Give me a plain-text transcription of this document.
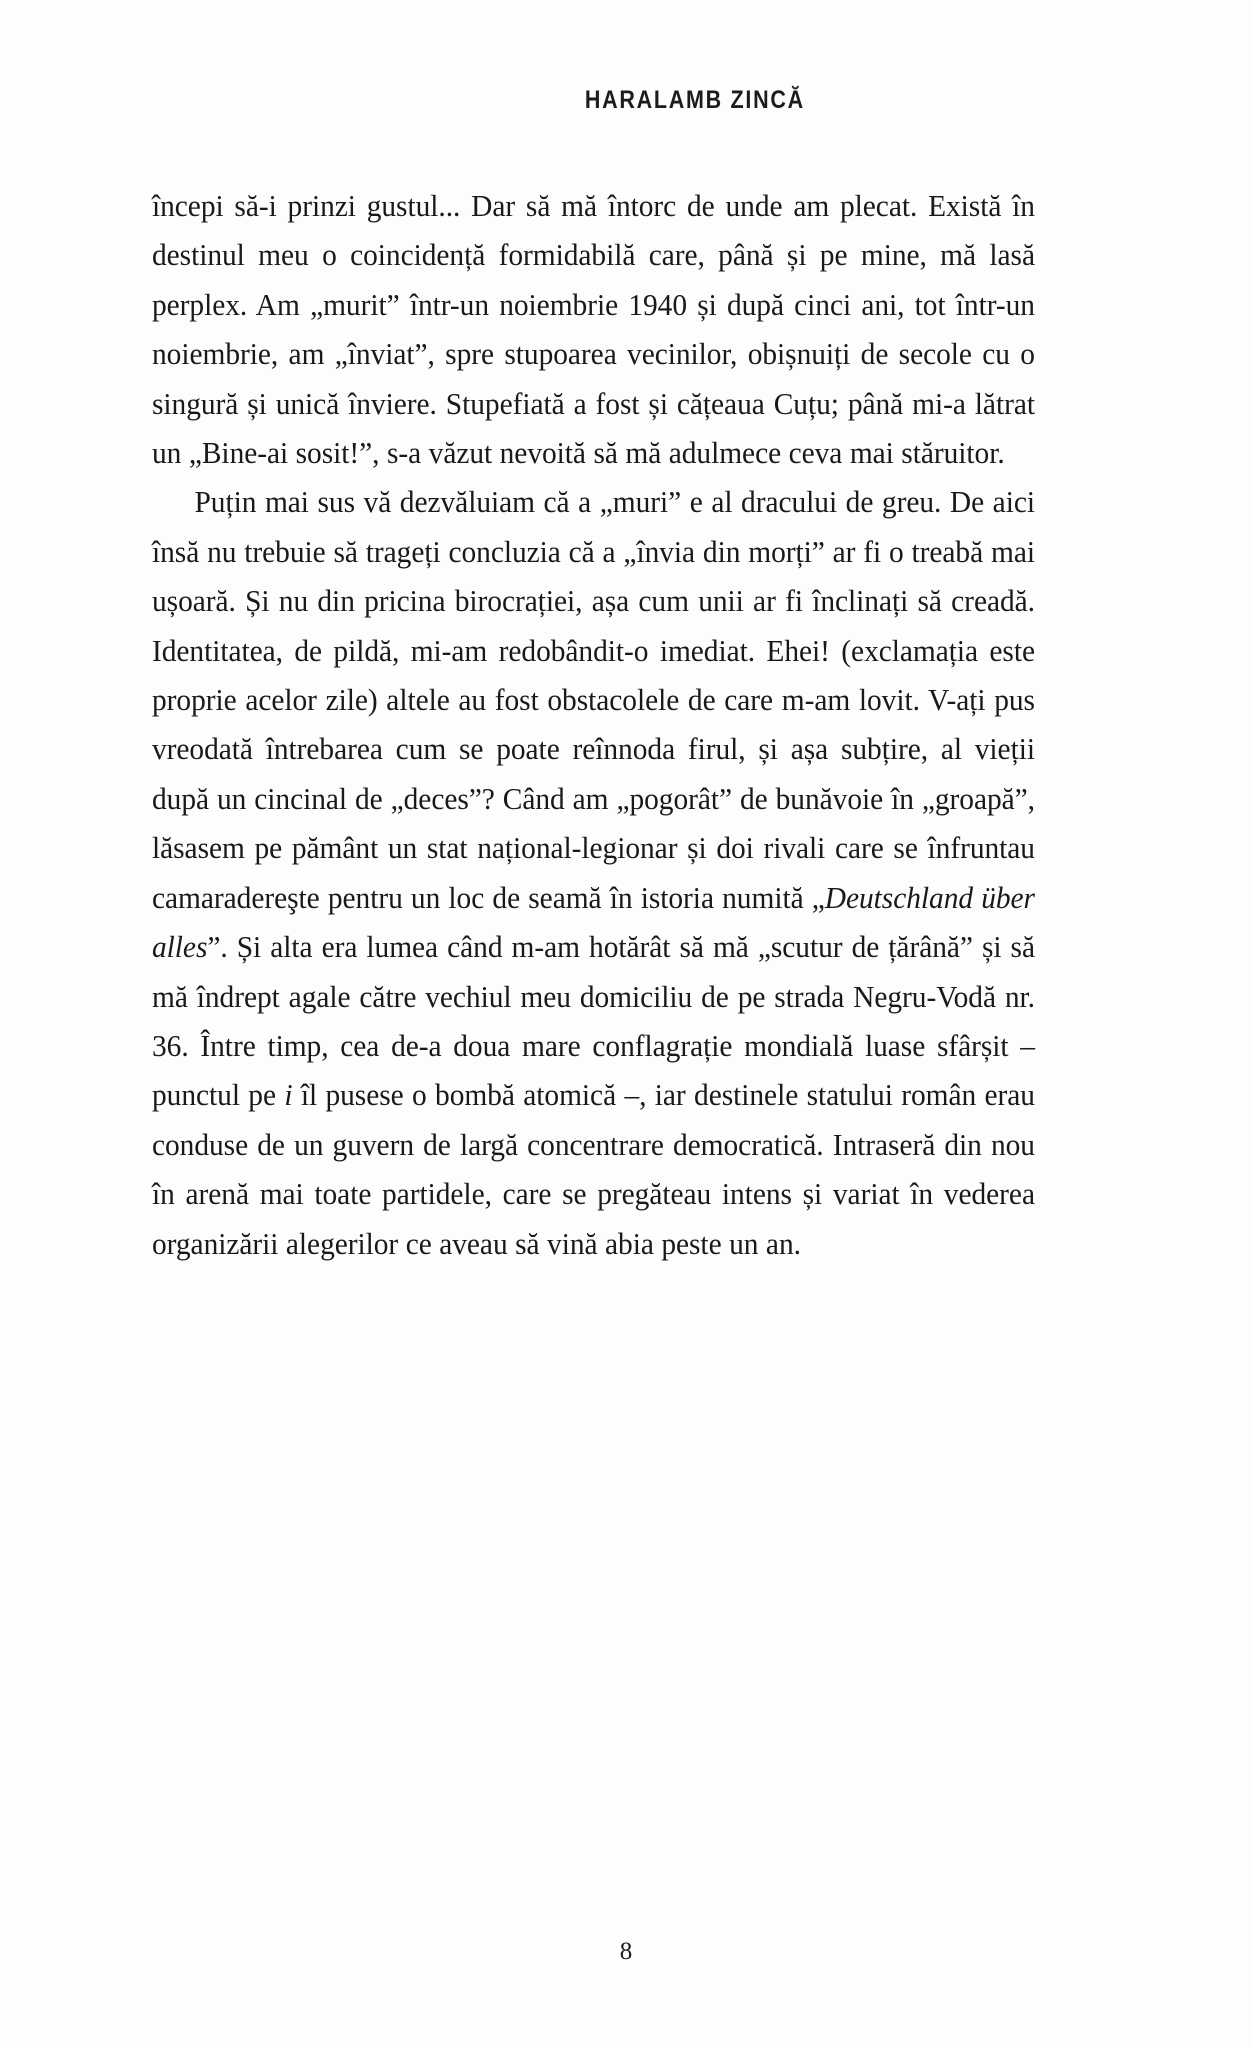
HARALAMB ZINCĂ

începi să-i prinzi gustul... Dar să mă întorc de unde am plecat. Există în destinul meu o coincidență formidabilă care, până și pe mine, mă lasă perplex. Am „murit” într-un noiembrie 1940 și după cinci ani, tot într-un noiembrie, am „înviat”, spre stupoarea vecinilor, obișnuiți de secole cu o singură și unică înviere. Stupefiată a fost și cățeaua Cuțu; până mi-a lătrat un „Bine-ai sosit!”, s-a văzut nevoită să mă adulmece ceva mai stăruitor.

Puțin mai sus vă dezvăluiam că a „muri” e al dracului de greu. De aici însă nu trebuie să trageți concluzia că a „învia din morți” ar fi o treabă mai ușoară. Și nu din pricina birocrației, așa cum unii ar fi înclinați să creadă. Identitatea, de pildă, mi-am redobândit-o imediat. Ehei! (exclamația este proprie acelor zile) altele au fost obstacolele de care m-am lovit. V-ați pus vreodată întrebarea cum se poate reînnoda firul, și așa subțire, al vieții după un cincinal de „deces”? Când am „pogorât” de bunăvoie în „groapă”, lăsasem pe pământ un stat național-legionar și doi rivali care se înfruntau camaradereşte pentru un loc de seamă în istoria numită „Deutschland über alles”. Și alta era lumea când m-am hotărât să mă „scutur de țărână” și să mă îndrept agale către vechiul meu domiciliu de pe strada Negru-Vodă nr. 36. Între timp, cea de-a doua mare conflagrație mondială luase sfârșit – punctul pe i îl pusese o bombă atomică –, iar destinele statului român erau conduse de un guvern de largă concentrare democratică. Intraseră din nou în arenă mai toate partidele, care se pregăteau intens și variat în vederea organizării alegerilor ce aveau să vină abia peste un an.

8
